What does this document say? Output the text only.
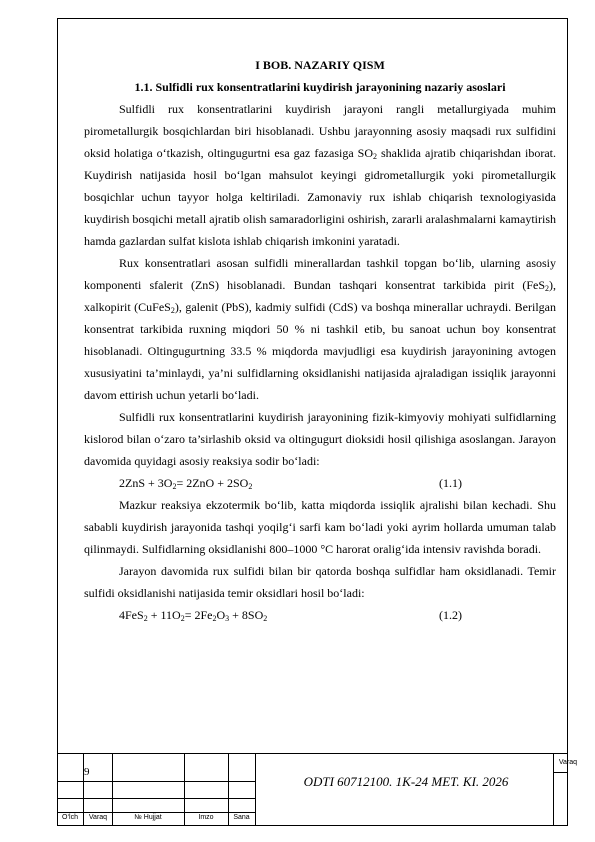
I BOB. NAZARIY QISM

1.1. Sulfidli rux konsentratlarini kuydirish jarayonining nazariy asoslari

Sulfidli rux konsentratlarini kuydirish jarayoni rangli metallurgiyada muhim pirometallurgik bosqichlardan biri hisoblanadi. Ushbu jarayonning asosiy maqsadi rux sulfidini oksid holatiga o‘tkazish, oltingugurtni esa gaz fazasiga $SO_2$ shaklida ajratib chiqarishdan iborat. Kuydirish natijasida hosil bo‘lgan mahsulot keyingi gidrometallurgik yoki pirometallurgik bosqichlar uchun tayyor holga keltiriladi. Zamonaviy rux ishlab chiqarish texnologiyasida kuydirish bosqichi metall ajratib olish samaradorligini oshirish, zararli aralashmalarni kamaytirish hamda gazlardan sulfat kislota ishlab chiqarish imkonini yaratadi.

Rux konsentratlari asosan sulfidli minerallardan tashkil topgan bo‘lib, ularning asosiy komponenti sfalerit (ZnS) hisoblanadi. Bundan tashqari konsentrat tarkibida pirit (FeS$_2$), xalkopirit (CuFeS$_2$), galenit (PbS), kadmiy sulfidi (CdS) va boshqa minerallar uchraydi. Berilgan konsentrat tarkibida ruxning miqdori 50 % ni tashkil etib, bu sanoat uchun boy konsentrat hisoblanadi. Oltingugurtning 33.5 % miqdorda mavjudligi esa kuydirish jarayonining avtogen xususiyatini ta’minlaydi, ya’ni sulfidlarning oksidlanishi natijasida ajraladigan issiqlik jarayonni davom ettirish uchun yetarli bo‘ladi.

Sulfidli rux konsentratlarini kuydirish jarayonining fizik-kimyoviy mohiyati sulfidlarning kislorod bilan o‘zaro ta’sirlashib oksid va oltingugurt dioksidi hosil qilishiga asoslangan. Jarayon davomida quyidagi asosiy reaksiya sodir bo‘ladi:

$2ZnS + 3O_2= 2ZnO + 2SO_2$	(1.1)

Mazkur reaksiya ekzotermik bo‘lib, katta miqdorda issiqlik ajralishi bilan kechadi. Shu sababli kuydirish jarayonida tashqi yoqilg‘i sarfi kam bo‘ladi yoki ayrim hollarda umuman talab qilinmaydi. Sulfidlarning oksidlanishi 800–1000 °C harorat oralig‘ida intensiv ravishda boradi.

Jarayon davomida rux sulfidi bilan bir qatorda boshqa sulfidlar ham oksidlanadi. Temir sulfidi oksidlanishi natijasida temir oksidlari hosil bo‘ladi:

$4FeS_2 + 11O_2= 2Fe_2O_3 + 8SO_2$	(1.2)

9
ODTI 60712100. 1K-24 MET. KI. 2026
Varaq
O‘lch	Varaq	№ Hujjat	Imzo	Sana
